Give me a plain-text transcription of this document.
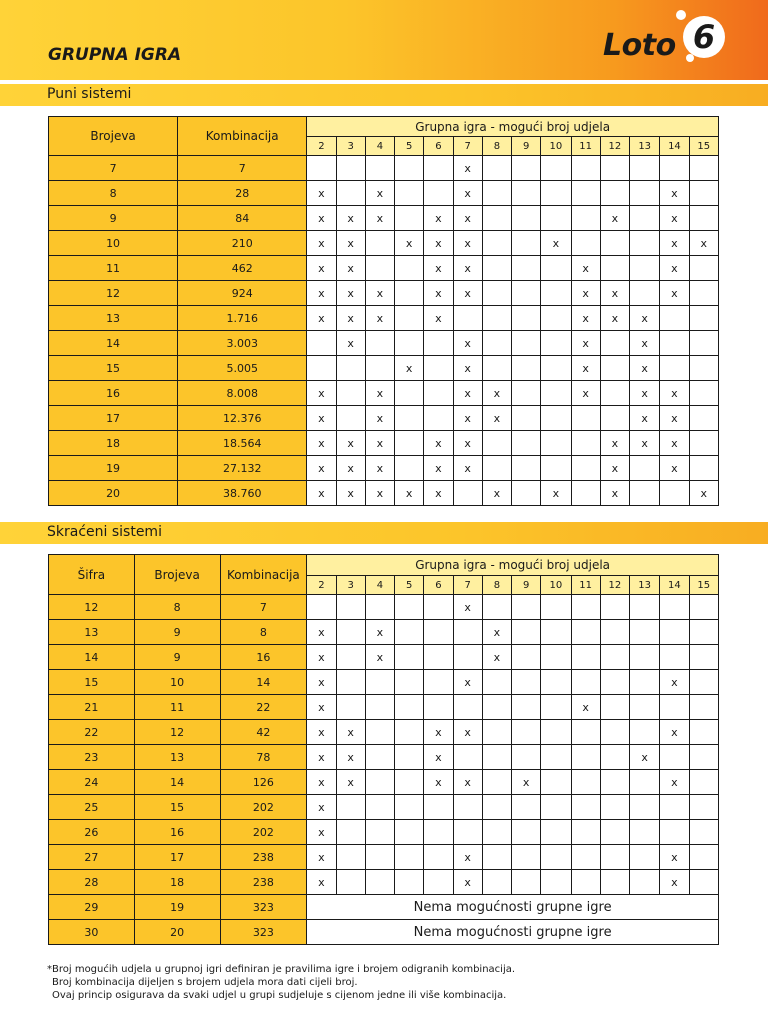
GRUPNA IGRA	Loto 6
Puni sistemi
Brojeva	Kombinacija	Grupna igra - mogući broj udjela													
		2	3	4	5	6	7	8	9	10	11	12	13	14	15
7	7						x								
8	28	x		x			x							x	
9	84	x	x	x		x	x					x		x	
10	210	x	x		x	x	x			x				x	x
11	462	x	x			x	x				x			x	
12	924	x	x	x		x	x				x	x		x	
13	1.716	x	x	x		x					x	x	x		
14	3.003		x				x				x		x		
15	5.005				x		x				x		x		
16	8.008	x		x			x	x			x		x	x	
17	12.376	x		x			x	x					x	x	
18	18.564	x	x	x		x	x					x	x	x	
19	27.132	x	x	x		x	x					x		x	
20	38.760	x	x	x	x	x		x		x		x			x
Skraćeni sistemi
Šifra	Brojeva	Kombinacija	Grupna igra - mogući broj udjela													
			2	3	4	5	6	7	8	9	10	11	12	13	14	15
12	8	7						x								
13	9	8	x		x				x							
14	9	16	x		x				x							
15	10	14	x					x							x	
21	11	22	x									x				
22	12	42	x	x			x	x							x	
23	13	78	x	x			x							x		
24	14	126	x	x			x	x		x					x	
25	15	202	x													
26	16	202	x													
27	17	238	x					x							x	
28	18	238	x					x							x	
29	19	323	Nema mogućnosti grupne igre													
30	20	323	Nema mogućnosti grupne igre													
*Broj mogućih udjela u grupnoj igri definiran je pravilima igre i brojem odigranih kombinacija.
Broj kombinacija dijeljen s brojem udjela mora dati cijeli broj.
Ovaj princip osigurava da svaki udjel u grupi sudjeluje s cijenom jedne ili više kombinacija.
